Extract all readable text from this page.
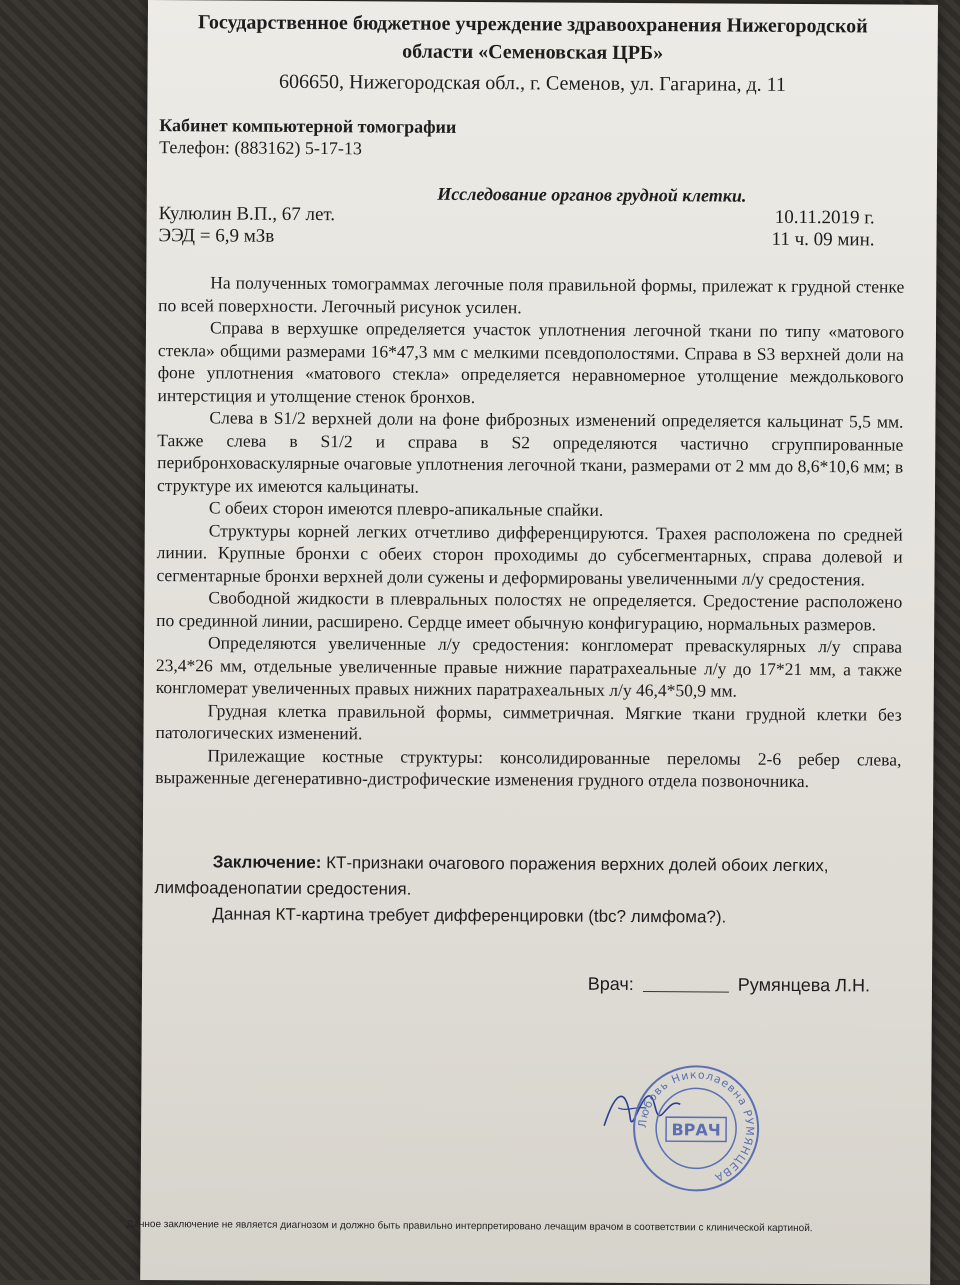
Государственное бюджетное учреждение здравоохранения Нижегородской
области «Семеновская ЦРБ»
606650, Нижегородская обл., г. Семенов, ул. Гагарина, д. 11
Кабинет компьютерной томографии
Телефон: (883162) 5-17-13
Исследование органов грудной клетки.
Кулюлин В.П., 67 лет.	10.11.2019 г.
ЭЭД = 6,9 мЗв	11 ч. 09 мин.

На полученных томограммах легочные поля правильной формы, прилежат к грудной стенке по всей поверхности. Легочный рисунок усилен.

Справа в верхушке определяется участок уплотнения легочной ткани по типу «матового стекла» общими размерами 16*47,3 мм с мелкими псевдополостями. Справа в S3 верхней доли на фоне уплотнения «матового стекла» определяется неравномерное утолщение междолькового интерстиция и утолщение стенок бронхов.

Слева в S1/2 верхней доли на фоне фиброзных изменений определяется кальцинат 5,5 мм. Также слева в S1/2 и справа в S2 определяются частично сгруппированные перибронховаскулярные очаговые уплотнения легочной ткани, размерами от 2 мм до 8,6*10,6 мм; в структуре их имеются кальцинаты.

С обеих сторон имеются плевро-апикальные спайки.

Структуры корней легких отчетливо дифференцируются. Трахея расположена по средней линии. Крупные бронхи с обеих сторон проходимы до субсегментарных, справа долевой и сегментарные бронхи верхней доли сужены и деформированы увеличенными л/у средостения.

Свободной жидкости в плевральных полостях не определяется. Средостение расположено по срединной линии, расширено. Сердце имеет обычную конфигурацию, нормальных размеров.

Определяются увеличенные л/у средостения: конгломерат преваскулярных л/у справа 23,4*26 мм, отдельные увеличенные правые нижние паратрахеальные л/у до 17*21 мм, а также конгломерат увеличенных правых нижних паратрахеальных л/у 46,4*50,9 мм.

Грудная клетка правильной формы, симметричная. Мягкие ткани грудной клетки без патологических изменений.

Прилежащие костные структуры: консолидированные переломы 2-6 ребер слева, выраженные дегенеративно-дистрофические изменения грудного отдела позвоночника.

Заключение: КТ-признаки очагового поражения верхних долей обоих легких, лимфоаденопатии средостения.

Данная КТ-картина требует дифференцировки (tbc? лимфома?).

Врач:	Румянцева Л.Н.
Любовь Николаевна РУМЯНЦЕВА
ВРАЧ
Данное заключение не является диагнозом и должно быть правильно интерпретировано лечащим врачом в соответствии с клинической картиной.
